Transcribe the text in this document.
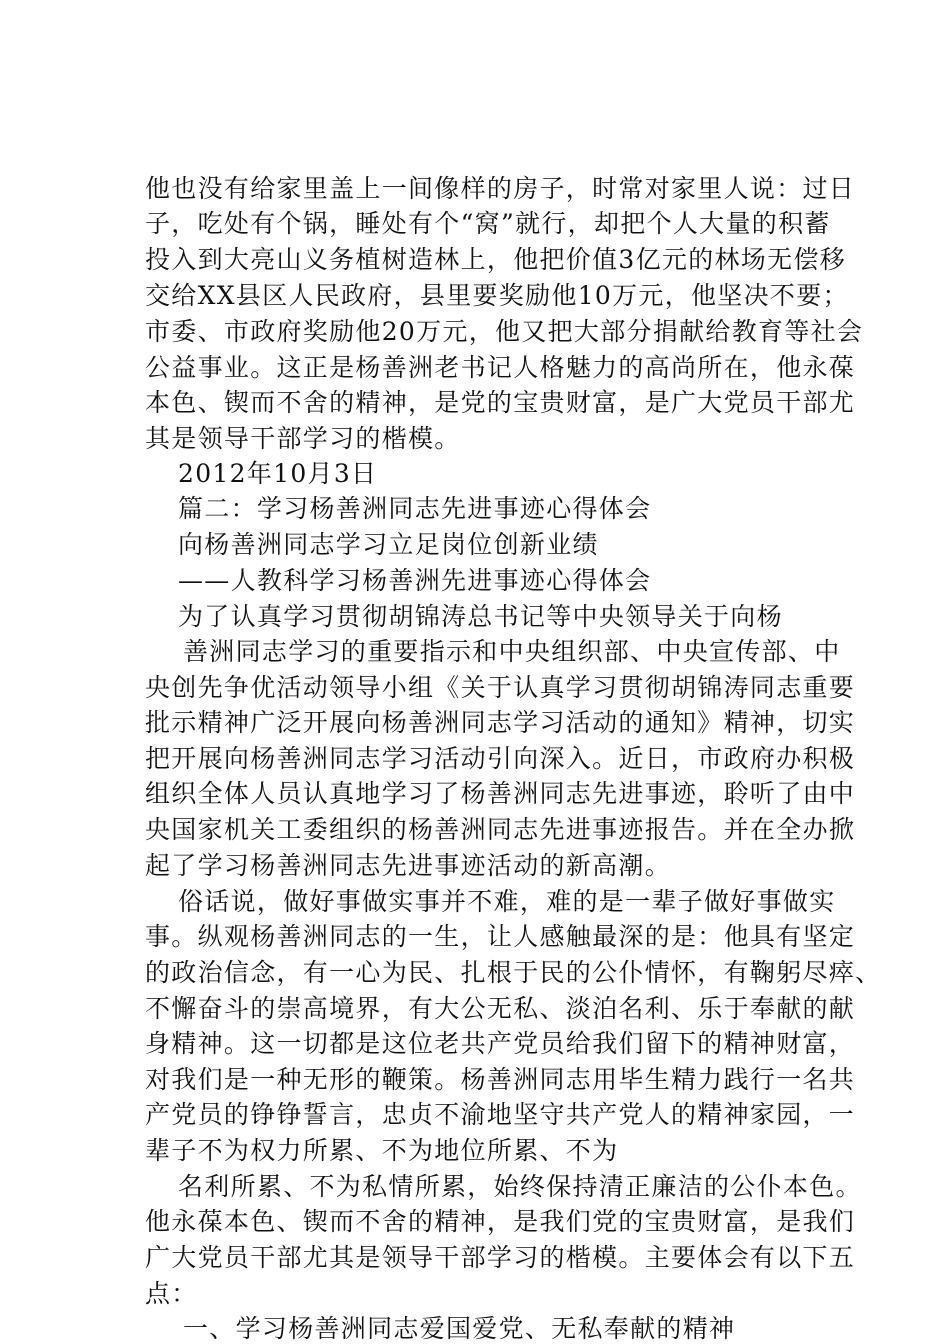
他也没有给家里盖上一间像样的房子，时常对家里人说：过日
子，吃处有个锅，睡处有个“窝”就行，却把个人大量的积蓄
投入到大亮山义务植树造林上，他把价值3亿元的林场无偿移
交给XX县区人民政府，县里要奖励他10万元，他坚决不要；
市委、市政府奖励他20万元，他又把大部分捐献给教育等社会
公益事业。这正是杨善洲老书记人格魅力的高尚所在，他永葆
本色、锲而不舍的精神，是党的宝贵财富，是广大党员干部尤
其是领导干部学习的楷模。
2012年10月3日
篇二：学习杨善洲同志先进事迹心得体会
向杨善洲同志学习立足岗位创新业绩
——人教科学习杨善洲先进事迹心得体会
为了认真学习贯彻胡锦涛总书记等中央领导关于向杨
善洲同志学习的重要指示和中央组织部、中央宣传部、中
央创先争优活动领导小组《关于认真学习贯彻胡锦涛同志重要
批示精神广泛开展向杨善洲同志学习活动的通知》精神，切实
把开展向杨善洲同志学习活动引向深入。近日，市政府办积极
组织全体人员认真地学习了杨善洲同志先进事迹，聆听了由中
央国家机关工委组织的杨善洲同志先进事迹报告。并在全办掀
起了学习杨善洲同志先进事迹活动的新高潮。
俗话说，做好事做实事并不难，难的是一辈子做好事做实
事。纵观杨善洲同志的一生，让人感触最深的是：他具有坚定
的政治信念，有一心为民、扎根于民的公仆情怀，有鞠躬尽瘁、
不懈奋斗的崇高境界，有大公无私、淡泊名利、乐于奉献的献
身精神。这一切都是这位老共产党员给我们留下的精神财富，
对我们是一种无形的鞭策。杨善洲同志用毕生精力践行一名共
产党员的铮铮誓言，忠贞不渝地坚守共产党人的精神家园，一
辈子不为权力所累、不为地位所累、不为
名利所累、不为私情所累，始终保持清正廉洁的公仆本色。
他永葆本色、锲而不舍的精神，是我们党的宝贵财富，是我们
广大党员干部尤其是领导干部学习的楷模。主要体会有以下五
点：
一、学习杨善洲同志爱国爱党、无私奉献的精神
